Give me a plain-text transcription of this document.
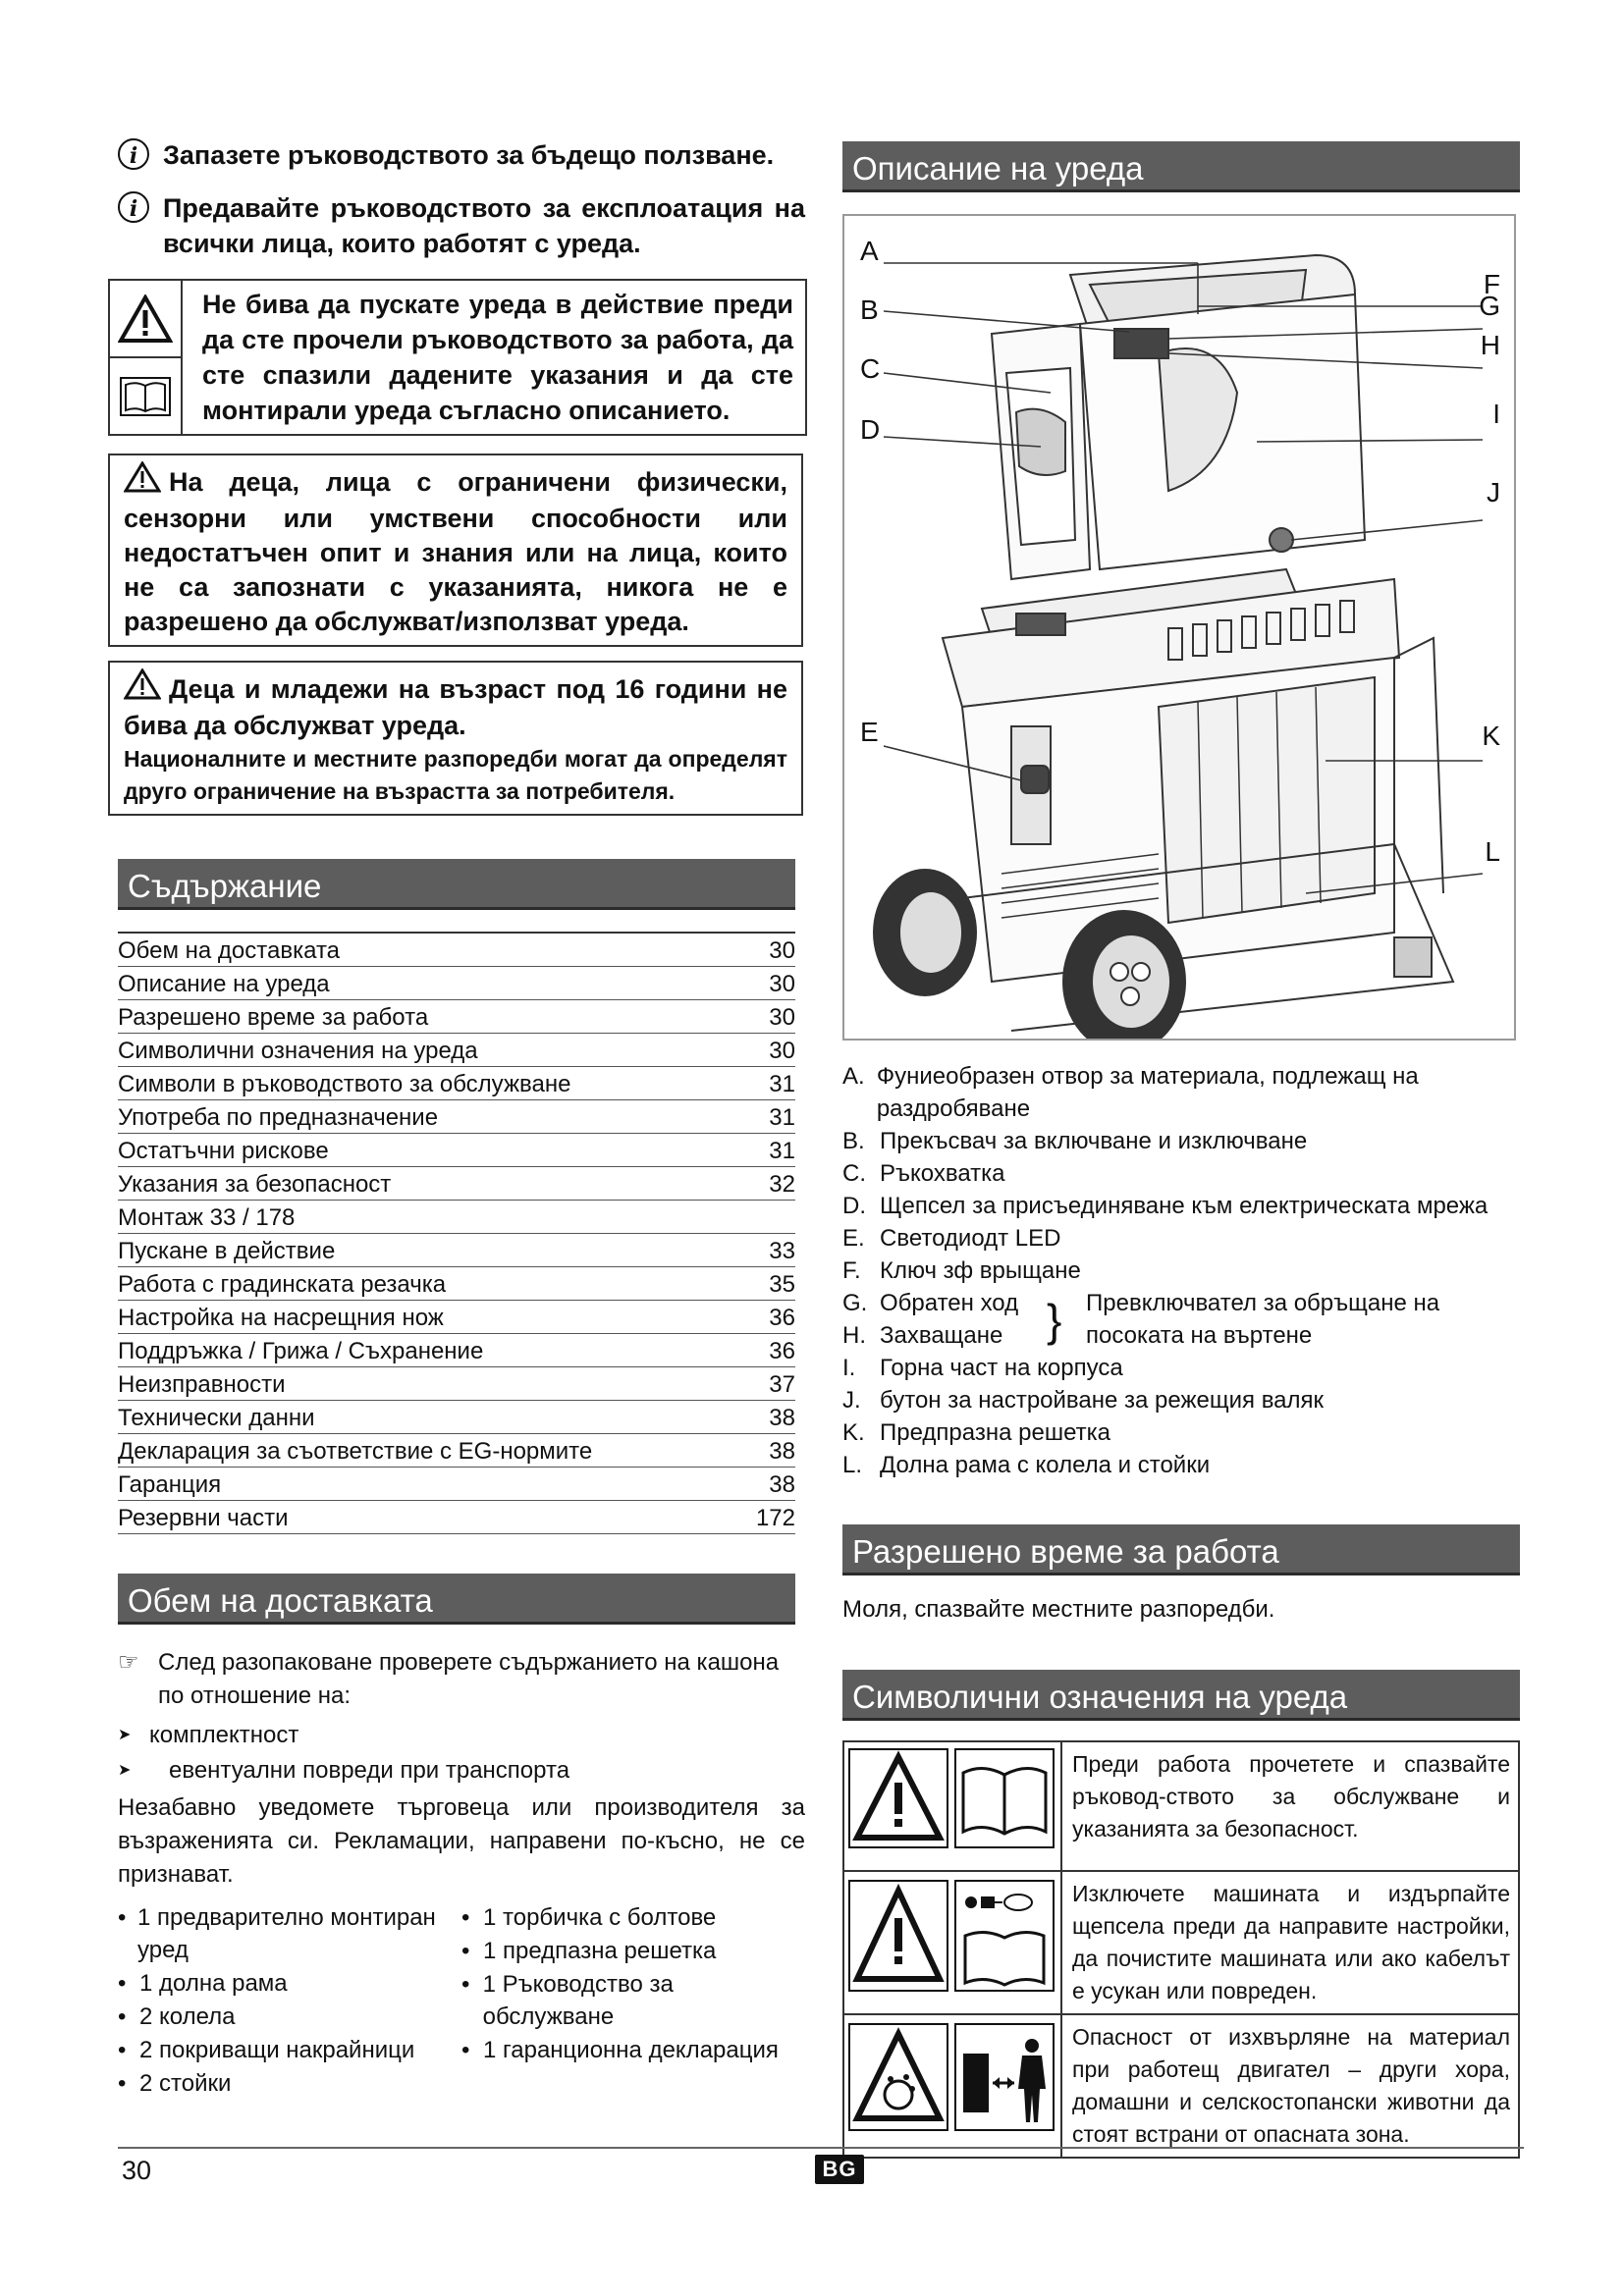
i Запазете ръководството за бъдещо ползване.
i Предавайте ръководството за експлоатация на всички лица, които работят с уреда.
Не бива да пускате уреда в действие преди да сте прочели ръководството за работа, да сте спазили дадените указания и да сте монтирали уреда съгласно описанието.
На деца, лица с ограничени физически, сензорни или умствени способности или недостатъчен опит и знания или на лица, които не са запознати с указанията, никога не е разрешено да обслужват/използват уреда.
Деца и младежи на възраст под 16 години не бива да обслужват уреда.
Националните и местните разпоредби могат да определят друго ограничение на възрастта за потребителя.
Съдържание
Обем на доставката	30
Описание на уреда	30
Разрешено време за работа	30
Символични означения на уреда	30
Символи в ръководството за обслужване	31
Употреба по предназначение	31
Остатъчни рискове	31
Указания за безопасност	32
Монтаж 33 / 178
Пускане в действие	33
Работа с градинската резачка	35
Настройка на насрещния нож	36
Поддръжка / Грижа / Съхранение	36
Неизправности	37
Технически данни	38
Декларация за съответствие с EG-нормите	38
Гаранция	38
Резервни части	172
Обем на доставката
☞ След разопаковане проверете съдържанието на кашона по отношение на:
➤ комплектност
➤	евентуални повреди при транспорта
Незабавно уведомете търговеца или производителя за възраженията си. Рекламации, направени по-късно, не се признават.
• 1 предварително монтиран уред
• 1 долна рама
• 2 колела
• 2 покриващи накрайници
• 2 стойки
• 1 торбичка с болтове
• 1 предпазна решетка
• 1 Ръководство за обслужване
• 1 гаранционна декларация
Описание на уреда
A
B
C
D
E
F
G
H
I
J
K
L
A. Фуниеобразен отвор за материала, подлежащ на раздробяване
B. Прекъсвач за включване и изключване
C. Ръкохватка
D. Щепсел за присъединяване към електрическата мрежа
E. Светодиодт LED
F. Ключ зф врыщане
G. Обратен ход }	Превключвател за обръщане на посоката на въртене
H. Захващане
I.	Горна част на корпуса
J. бутон за настройване за режещия валяк
K. Предпразна решетка
L. Долна рама с колела и стойки
Разрешено време за работа
Моля, спазвайте местните разпоредби.
Символични означения на уреда
	Преди работа прочетете и спазвайте ръковод-ството за обслужване и указанията за безопасност.
	Изключете машината и издърпайте щепсела преди да направите настройки, да почистите машината или ако кабелът е усукан или повреден.
	Опасност от изхвърляне на материал при работещ двигател – други хора, домашни и селскостопански животни да стоят встрани от опасната зона.
30	BG
